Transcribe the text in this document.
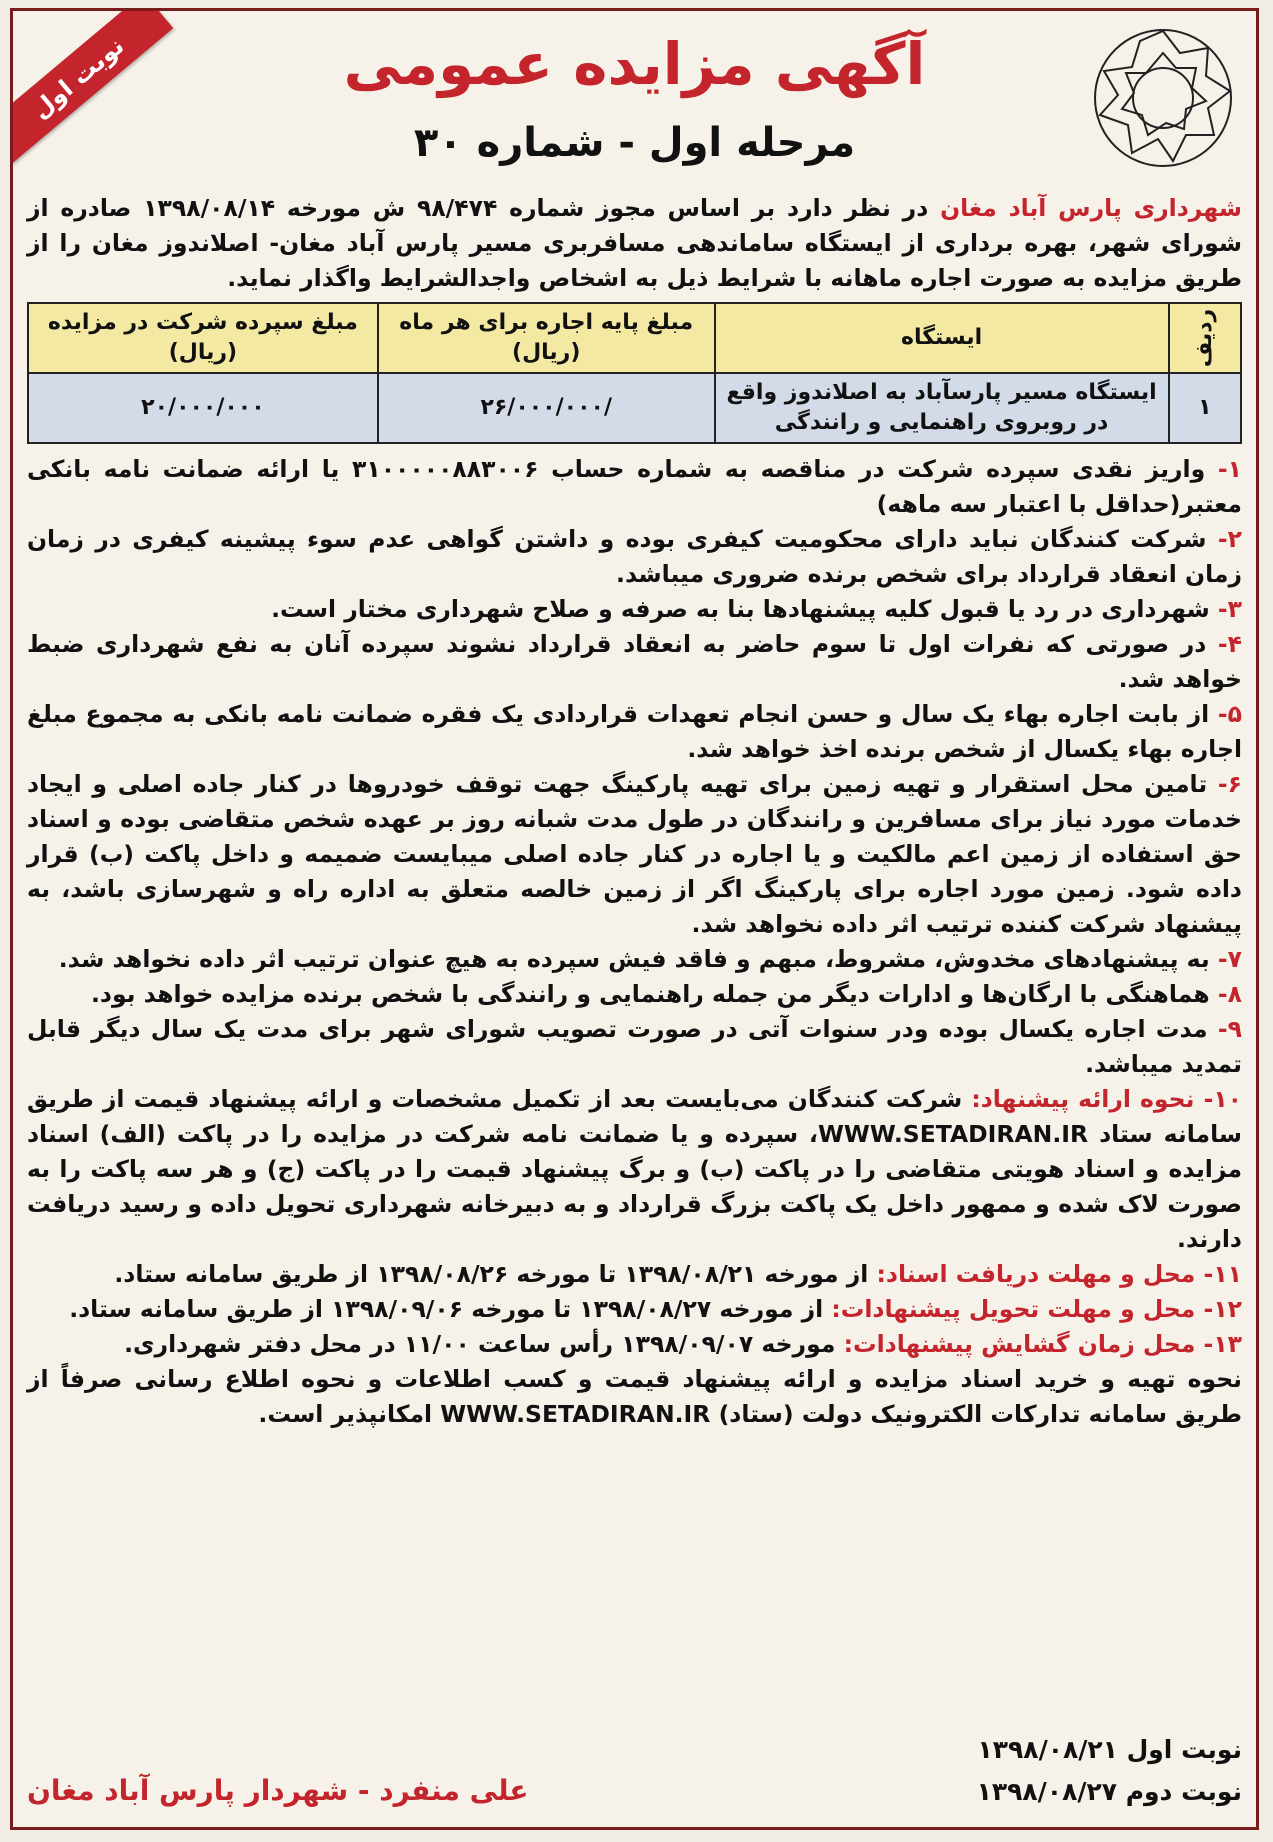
نوبت اول	آگهی مزایده عمومی
مرحله اول - شماره ۳۰

شهرداری پارس آباد مغان در نظر دارد بر اساس مجوز شماره ۹۸/۴۷۴ ش مورخه ۱۳۹۸/۰۸/۱۴ صادره از شورای شهر، بهره برداری از ایستگاه ساماندهی مسافربری مسیر پارس آباد مغان- اصلاندوز مغان را از طریق مزایده به صورت اجاره ماهانه با شرایط ذیل به اشخاص واجدالشرایط واگذار نماید.

ردیف	ایستگاه	مبلغ پایه اجاره برای هر ماه (ریال)	مبلغ سپرده شرکت در مزایده (ریال)
۱	ایستگاه مسیر پارسآباد به اصلاندوز واقع در روبروی راهنمایی و رانندگی	/۲۶/۰۰۰/۰۰۰	۲۰/۰۰۰/۰۰۰

۱- واریز نقدی سپرده شرکت در مناقصه به شماره حساب ۳۱۰۰۰۰۰۸۸۳۰۰۶ یا ارائه ضمانت نامه بانکی معتبر(حداقل با اعتبار سه ماهه)

۲- شرکت کنندگان نباید دارای محکومیت کیفری بوده و داشتن گواهی عدم سوء پیشینه کیفری در زمان زمان انعقاد قرارداد برای شخص برنده ضروری میباشد.

۳- شهرداری در رد یا قبول کلیه پیشنهادها بنا به صرفه و صلاح شهرداری مختار است.

۴- در صورتی که نفرات اول تا سوم حاضر به انعقاد قرارداد نشوند سپرده آنان به نفع شهرداری ضبط خواهد شد.

۵- از بابت اجاره بهاء یک سال و حسن انجام تعهدات قراردادی یک فقره ضمانت نامه بانکی به مجموع مبلغ اجاره بهاء یکسال از شخص برنده اخذ خواهد شد.

۶- تامین محل استقرار و تهیه زمین برای تهیه پارکینگ جهت توقف خودروها در کنار جاده اصلی و ایجاد خدمات مورد نیاز برای مسافرین و رانندگان در طول مدت شبانه روز بر عهده شخص متقاضی بوده و اسناد حق استفاده از زمین اعم مالکیت و یا اجاره در کنار جاده اصلی میبایست ضمیمه و داخل پاکت (ب) قرار داده شود. زمین مورد اجاره برای پارکینگ اگر از زمین خالصه متعلق به اداره راه و شهرسازی باشد، به پیشنهاد شرکت کننده ترتیب اثر داده نخواهد شد.

۷- به پیشنهادهای مخدوش، مشروط، مبهم و فاقد فیش سپرده به هیچ عنوان ترتیب اثر داده نخواهد شد.

۸- هماهنگی با ارگان‌ها و ادارات دیگر من جمله راهنمایی و رانندگی با شخص برنده مزایده خواهد بود.

۹- مدت اجاره یکسال بوده ودر سنوات آتی در صورت تصویب شورای شهر برای مدت یک سال دیگر قابل تمدید میباشد.

۱۰- نحوه ارائه پیشنهاد: شرکت کنندگان می‌بایست بعد از تکمیل مشخصات و ارائه پیشنهاد قیمت از طریق سامانه ستاد WWW.SETADIRAN.IR، سپرده و یا ضمانت نامه شرکت در مزایده را در پاکت (الف) اسناد مزایده و اسناد هویتی متقاضی را در پاکت (ب) و برگ پیشنهاد قیمت را در پاکت (ج) و هر سه پاکت را به صورت لاک شده و ممهور داخل یک پاکت بزرگ قرارداد و به دبیرخانه شهرداری تحویل داده و رسید دریافت دارند.

۱۱- محل و مهلت دریافت اسناد: از مورخه ۱۳۹۸/۰۸/۲۱ تا مورخه ۱۳۹۸/۰۸/۲۶ از طریق سامانه ستاد.

۱۲- محل و مهلت تحویل پیشنهادات: از مورخه ۱۳۹۸/۰۸/۲۷ تا مورخه ۱۳۹۸/۰۹/۰۶ از طریق سامانه ستاد.

۱۳- محل زمان گشایش پیشنهادات: مورخه ۱۳۹۸/۰۹/۰۷ رأس ساعت ۱۱/۰۰ در محل دفتر شهرداری.

نحوه تهیه و خرید اسناد مزایده و ارائه پیشنهاد قیمت و کسب اطلاعات و نحوه اطلاع رسانی صرفاً از طریق سامانه تدارکات الکترونیک دولت (ستاد) WWW.SETADIRAN.IR امکانپذیر است.

نوبت اول ۱۳۹۸/۰۸/۲۱
نوبت دوم ۱۳۹۸/۰۸/۲۷
علی منفرد - شهردار پارس آباد مغان
